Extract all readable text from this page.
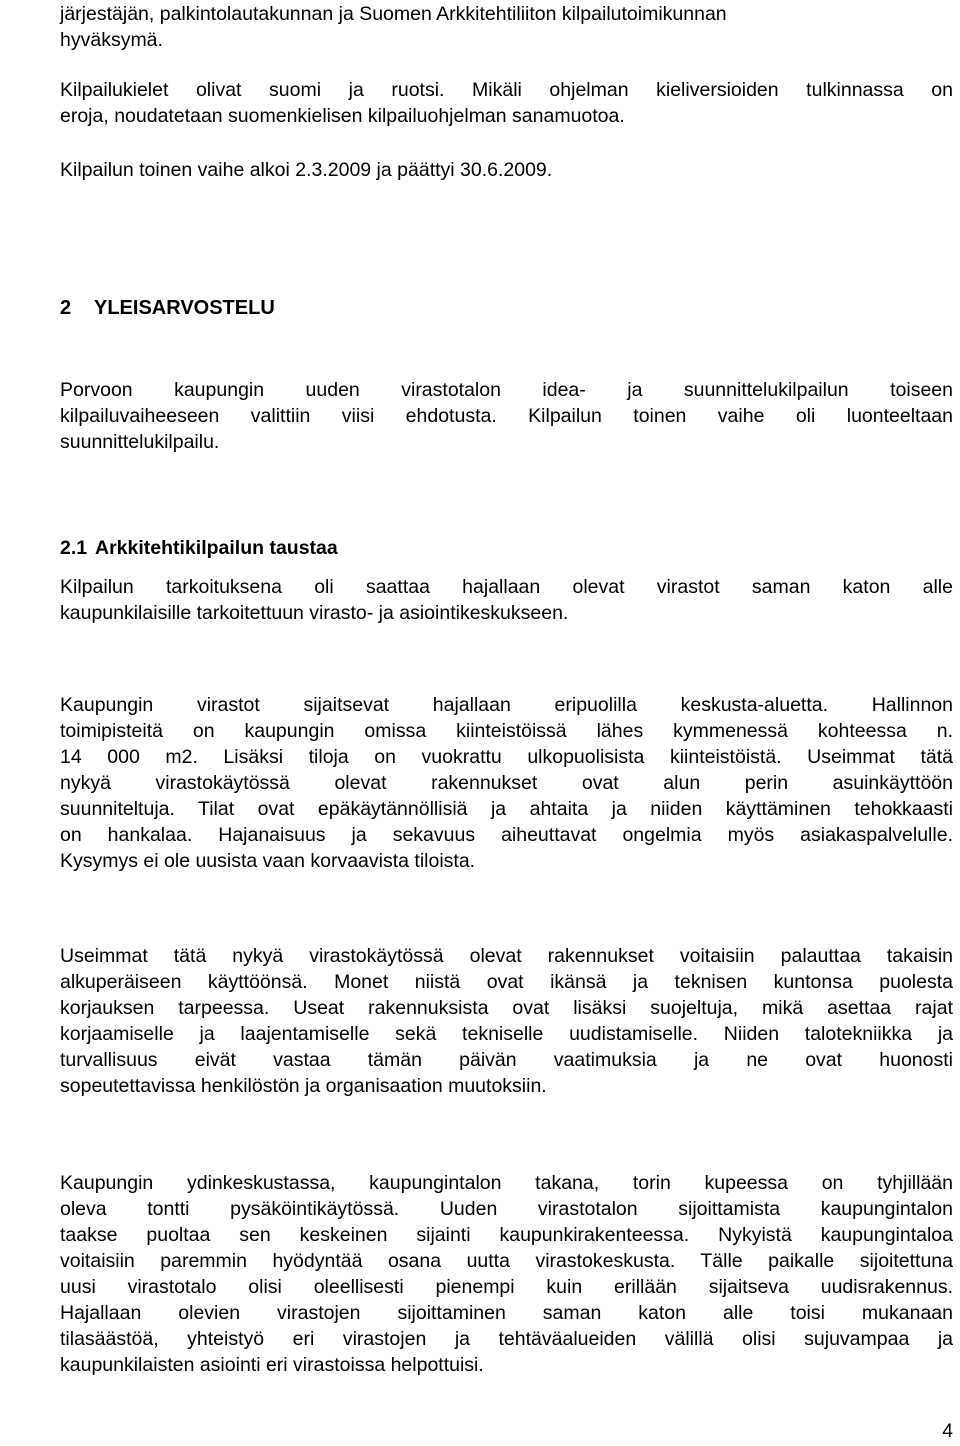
järjestäjän, palkintolautakunnan ja Suomen Arkkitehtiliiton kilpailutoimikunnan
hyväksymä.
Kilpailukielet olivat suomi ja ruotsi. Mikäli ohjelman kieliversioiden tulkinnassa on
eroja, noudatetaan suomenkielisen kilpailuohjelman sanamuotoa.
Kilpailun toinen vaihe alkoi 2.3.2009 ja päättyi 30.6.2009.
2 YLEISARVOSTELU
Porvoon kaupungin uuden virastotalon idea- ja suunnittelukilpailun toiseen
kilpailuvaiheeseen valittiin viisi ehdotusta. Kilpailun toinen vaihe oli luonteeltaan
suunnittelukilpailu.
2.1 Arkkitehtikilpailun taustaa
Kilpailun tarkoituksena oli saattaa hajallaan olevat virastot saman katon alle
kaupunkilaisille tarkoitettuun virasto- ja asiointikeskukseen.
Kaupungin virastot sijaitsevat hajallaan eripuolilla keskusta-aluetta. Hallinnon
toimipisteitä on kaupungin omissa kiinteistöissä lähes kymmenessä kohteessa n.
14 000 m2. Lisäksi tiloja on vuokrattu ulkopuolisista kiinteistöistä. Useimmat tätä
nykyä virastokäytössä olevat rakennukset ovat alun perin asuinkäyttöön
suunniteltuja. Tilat ovat epäkäytännöllisiä ja ahtaita ja niiden käyttäminen tehokkaasti
on hankalaa. Hajanaisuus ja sekavuus aiheuttavat ongelmia myös asiakaspalvelulle.
Kysymys ei ole uusista vaan korvaavista tiloista.
Useimmat tätä nykyä virastokäytössä olevat rakennukset voitaisiin palauttaa takaisin
alkuperäiseen käyttöönsä. Monet niistä ovat ikänsä ja teknisen kuntonsa puolesta
korjauksen tarpeessa. Useat rakennuksista ovat lisäksi suojeltuja, mikä asettaa rajat
korjaamiselle ja laajentamiselle sekä tekniselle uudistamiselle. Niiden talotekniikka ja
turvallisuus eivät vastaa tämän päivän vaatimuksia ja ne ovat huonosti
sopeutettavissa henkilöstön ja organisaation muutoksiin.
Kaupungin ydinkeskustassa, kaupungintalon takana, torin kupeessa on tyhjillään
oleva tontti pysäköintikäytössä. Uuden virastotalon sijoittamista kaupungintalon
taakse puoltaa sen keskeinen sijainti kaupunkirakenteessa. Nykyistä kaupungintaloa
voitaisiin paremmin hyödyntää osana uutta virastokeskusta. Tälle paikalle sijoitettuna
uusi virastotalo olisi oleellisesti pienempi kuin erillään sijaitseva uudisrakennus.
Hajallaan olevien virastojen sijoittaminen saman katon alle toisi mukanaan
tilasäästöä, yhteistyö eri virastojen ja tehtäväalueiden välillä olisi sujuvampaa ja
kaupunkilaisten asiointi eri virastoissa helpottuisi.
4
